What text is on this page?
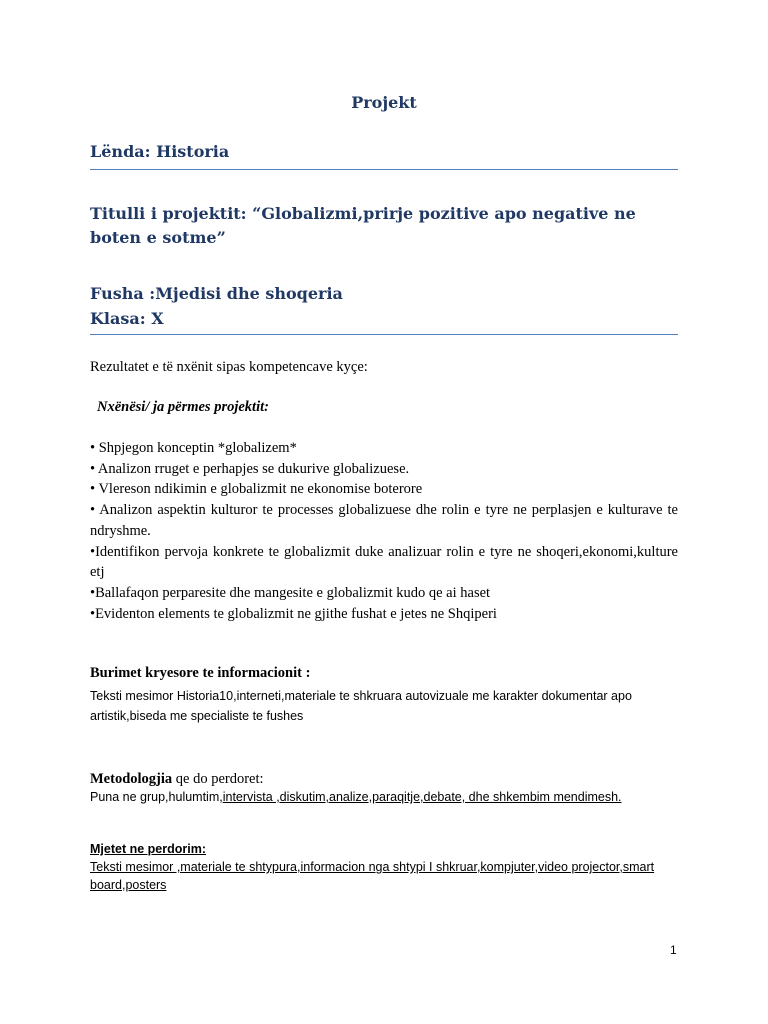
Projekt
Lënda: Historia
Titulli i projektit: “Globalizmi,prirje pozitive apo negative ne boten e sotme”
Fusha :Mjedisi dhe shoqeria
Klasa: X
Rezultatet e të nxënit sipas kompetencave kyçe:
Nxënësi/ ja përmes projektit:
• Shpjegon konceptin *globalizem*
• Analizon rruget e perhapjes se dukurive globalizuese.
• Vlereson ndikimin e globalizmit ne ekonomise boterore
• Analizon aspektin kulturor te processes globalizuese dhe rolin e tyre ne perplasjen e kulturave te ndryshme.
•Identifikon pervoja konkrete te globalizmit duke analizuar rolin e tyre ne shoqeri,ekonomi,kulture etj
•Ballafaqon perparesite dhe mangesite e globalizmit kudo qe ai haset
•Evidenton elements te globalizmit ne gjithe fushat e jetes ne Shqiperi
Burimet kryesore te informacionit :
Teksti mesimor Historia10,interneti,materiale te shkruara autovizuale me karakter dokumentar apo artistik,biseda me specialiste te fushes
Metodologjia qe do perdoret:
Puna ne grup,hulumtim,intervista ,diskutim,analize,paraqitje,debate, dhe shkembim mendimesh.
Mjetet ne perdorim:
Teksti mesimor ,materiale te shtypura,informacion nga shtypi I shkruar,kompjuter,video projector,smart board,posters
1
